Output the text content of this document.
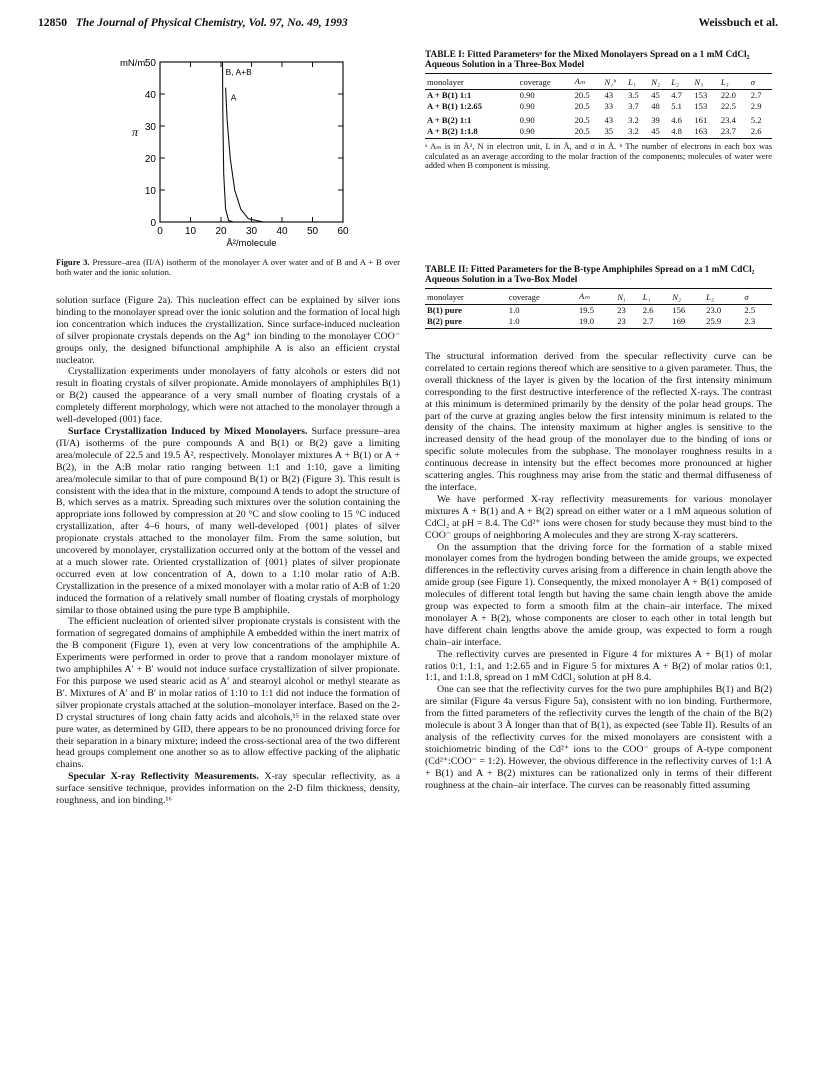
12850 The Journal of Physical Chemistry, Vol. 97, No. 49, 1993	Weissbuch et al.
0 10 20 30 40 50 60
0
10
20
30
40
50
mN/m
π
Å²/molecule
B, A+B
A
Figure 3. Pressure–area (Π/A) isotherm of the monolayer A over water and of B and A + B over both water and the ionic solution.

solution surface (Figure 2a). This nucleation effect can be explained by silver ions binding to the monolayer spread over the ionic solution and the formation of local high ion concentration which induces the crystallization. Since surface-induced nucleation of silver propionate crystals depends on the Ag⁺ ion binding to the monolayer COO⁻ groups only, the designed bifunctional amphiphile A is also an efficient crystal nucleator.

Crystallization experiments under monolayers of fatty alcohols or esters did not result in floating crystals of silver propionate. Amide monolayers of amphiphiles B(1) or B(2) caused the appearance of a very small number of floating crystals of a completely different morphology, which were not attached to the monolayer through a well-developed (001) face.

Surface Crystallization Induced by Mixed Monolayers. Surface pressure–area (Π/A) isotherms of the pure compounds A and B(1) or B(2) gave a limiting area/molecule of 22.5 and 19.5 Å², respectively. Monolayer mixtures A + B(1) or A + B(2), in the A:B molar ratio ranging between 1:1 and 1:10, gave a limiting area/molecule similar to that of pure compound B(1) or B(2) (Figure 3). This result is consistent with the idea that in the mixture, compound A tends to adopt the structure of B, which serves as a matrix. Spreading such mixtures over the solution containing the appropriate ions followed by compression at 20 °C and slow cooling to 15 °C induced crystallization, after 4–6 hours, of many well-developed {001} plates of silver propionate crystals attached to the monolayer film. From the same solution, but uncovered by monolayer, crystallization occurred only at the bottom of the vessel and at a much slower rate. Oriented crystallization of {001} plates of silver propionate occurred even at low concentration of A, down to a 1:10 molar ratio of A:B. Crystallization in the presence of a mixed monolayer with a molar ratio of A:B of 1:20 induced the formation of a relatively small number of floating crystals of morphology similar to those obtained using the pure type B amphiphile.

The efficient nucleation of oriented silver propionate crystals is consistent with the formation of segregated domains of amphiphile A embedded within the inert matrix of the B component (Figure 1), even at very low concentrations of the amphiphile A. Experiments were performed in order to prove that a random monolayer mixture of two amphiphiles A′ + B′ would not induce surface crystallization of silver propionate. For this purpose we used stearic acid as A′ and stearoyl alcohol or methyl stearate as B′. Mixtures of A′ and B′ in molar ratios of 1:10 to 1:1 did not induce the formation of silver propionate crystals attached at the solution–monolayer interface. Based on the 2-D crystal structures of long chain fatty acids and alcohols,¹⁵ in the relaxed state over pure water, as determined by GID, there appears to be no pronounced driving force for their separation in a binary mixture; indeed the cross-sectional area of the two different head groups complement one another so as to allow effective packing of the aliphatic chains.

Specular X-ray Reflectivity Measurements. X-ray specular reflectivity, as a surface sensitive technique, provides information on the 2-D film thickness, density, roughness, and ion binding.¹⁶

TABLE I: Fitted Parametersᵃ for the Mixed Monolayers Spread on a 1 mM CdCl₂ Aqueous Solution in a Three-Box Model
monolayer	coverage	Aₘ	N₁ᵇ	L₁	N₂	L₂	N₃	L₃	σ
A + B(1) 1:1	0.90	20.5	43	3.5	45	4.7	153	22.0	2.7
A + B(1) 1:2.65	0.90	20.5	33	3.7	48	5.1	153	22.5	2.9
A + B(2) 1:1	0.90	20.5	43	3.2	39	4.6	161	23.4	5.2
A + B(2) 1:1.8	0.90	20.5	35	3.2	45	4.8	163	23.7	2.6
ᵃ Aₘ is in Å², N in electron unit, L in Å, and σ in Å. ᵇ The number of electrons in each box was calculated as an average according to the molar fraction of the components; molecules of water were added when B component is missing.
TABLE II: Fitted Parameters for the B-type Amphiphiles Spread on a 1 mM CdCl₂ Aqueous Solution in a Two-Box Model
monolayer	coverage	Aₘ	N₁	L₁	N₂	L₂	σ
B(1) pure	1.0	19.5	23	2.6	156	23.0	2.5
B(2) pure	1.0	19.0	23	2.7	169	25.9	2.3

The structural information derived from the specular reflectivity curve can be correlated to certain regions thereof which are sensitive to a given parameter. Thus, the overall thickness of the layer is given by the location of the first intensity minimum corresponding to the first destructive interference of the reflected X-rays. The contrast at this minimum is determined primarily by the density of the polar head groups. The part of the curve at grazing angles below the first intensity minimum is related to the density of the chains. The intensity maximum at higher angles is sensitive to the increased density of the head group of the monolayer due to the binding of ions or specific solute molecules from the subphase. The monolayer roughness results in a continuous decrease in intensity but the effect becomes more pronounced at higher scattering angles. This roughness may arise from the static and thermal diffuseness of the interface.

We have performed X-ray reflectivity measurements for various monolayer mixtures A + B(1) and A + B(2) spread on either water or a 1 mM aqueous solution of CdCl₂ at pH = 8.4. The Cd²⁺ ions were chosen for study because they must bind to the COO⁻ groups of neighboring A molecules and they are strong X-ray scatterers.

On the assumption that the driving force for the formation of a stable mixed monolayer comes from the hydrogen bonding between the amide groups, we expected differences in the reflectivity curves arising from a difference in chain length above the amide group (see Figure 1). Consequently, the mixed monolayer A + B(1) composed of molecules of different total length but having the same chain length above the amide group was expected to form a smooth film at the chain–air interface. The mixed monolayer A + B(2), whose components are closer to each other in total length but have different chain lengths above the amide group, was expected to form a rough chain–air interface.

The reflectivity curves are presented in Figure 4 for mixtures A + B(1) of molar ratios 0:1, 1:1, and 1:2.65 and in Figure 5 for mixtures A + B(2) of molar ratios 0:1, 1:1, and 1:1.8, spread on 1 mM CdCl₂ solution at pH 8.4.

One can see that the reflectivity curves for the two pure amphiphiles B(1) and B(2) are similar (Figure 4a versus Figure 5a), consistent with no ion binding. Furthermore, from the fitted parameters of the reflectivity curves the length of the chain of the B(2) molecule is about 3 Å longer than that of B(1), as expected (see Table II). Results of an analysis of the reflectivity curves for the mixed monolayers are consistent with a stoichiometric binding of the Cd²⁺ ions to the COO⁻ groups of A-type component (Cd²⁺:COO⁻ = 1:2). However, the obvious difference in the reflectivity curves of 1:1 A + B(1) and A + B(2) mixtures can be rationalized only in terms of their different roughness at the chain–air interface. The curves can be reasonably fitted assuming
